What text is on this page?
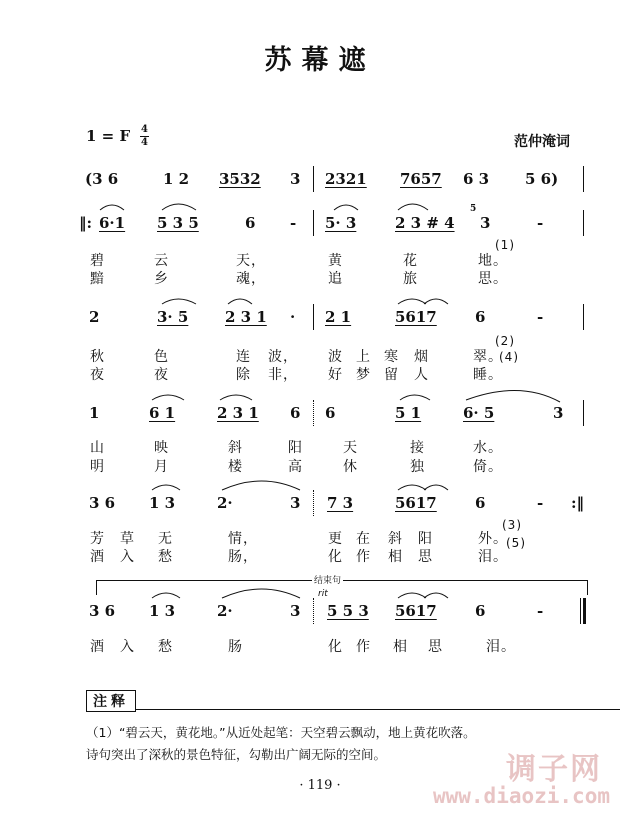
苏幕遮
1 = F 4
4	范仲淹词
(3 6	1 2 3532 3 2321 7657 6 3 5 6)
‖: 6·1 5 3 5	6 - 5· 3	2 3 # 4
5
3	-
碧	云	天，	黄	花	地。
(1)
黯	乡	魂，	追	旅	思。
2	3· 5 2 3 1 · 2 1	5617	6	-
秋	色	连 波， 波 上 寒 烟	翠。
(2)
(4)
夜	夜	除 非， 好 梦 留 人	睡。
1	6 1	2 3 1 6 6	5 1	6· 5	3
山	映	斜	阳	天	接	水。
明	月	楼	高	休	独	倚。
3 6 1 3	2·	3 7 3	5617	6	- :‖
芳 草 无	情，	更 在 斜 阳	外。
(3)
(5)
酒 入 愁	肠，	化 作 相 思	泪。
结束句
rit
3 6 1 3	2·	3 5 5 3 5617	6	-
酒 入 愁	肠	化 作 相 思	泪。
注释
（1）“碧云天，黄花地。”从近处起笔：天空碧云飘动，地上黄花吹落。
诗句突出了深秋的景色特征，勾勒出广阔无际的空间。
· 119 ·	调子网
www.diaozi.com
